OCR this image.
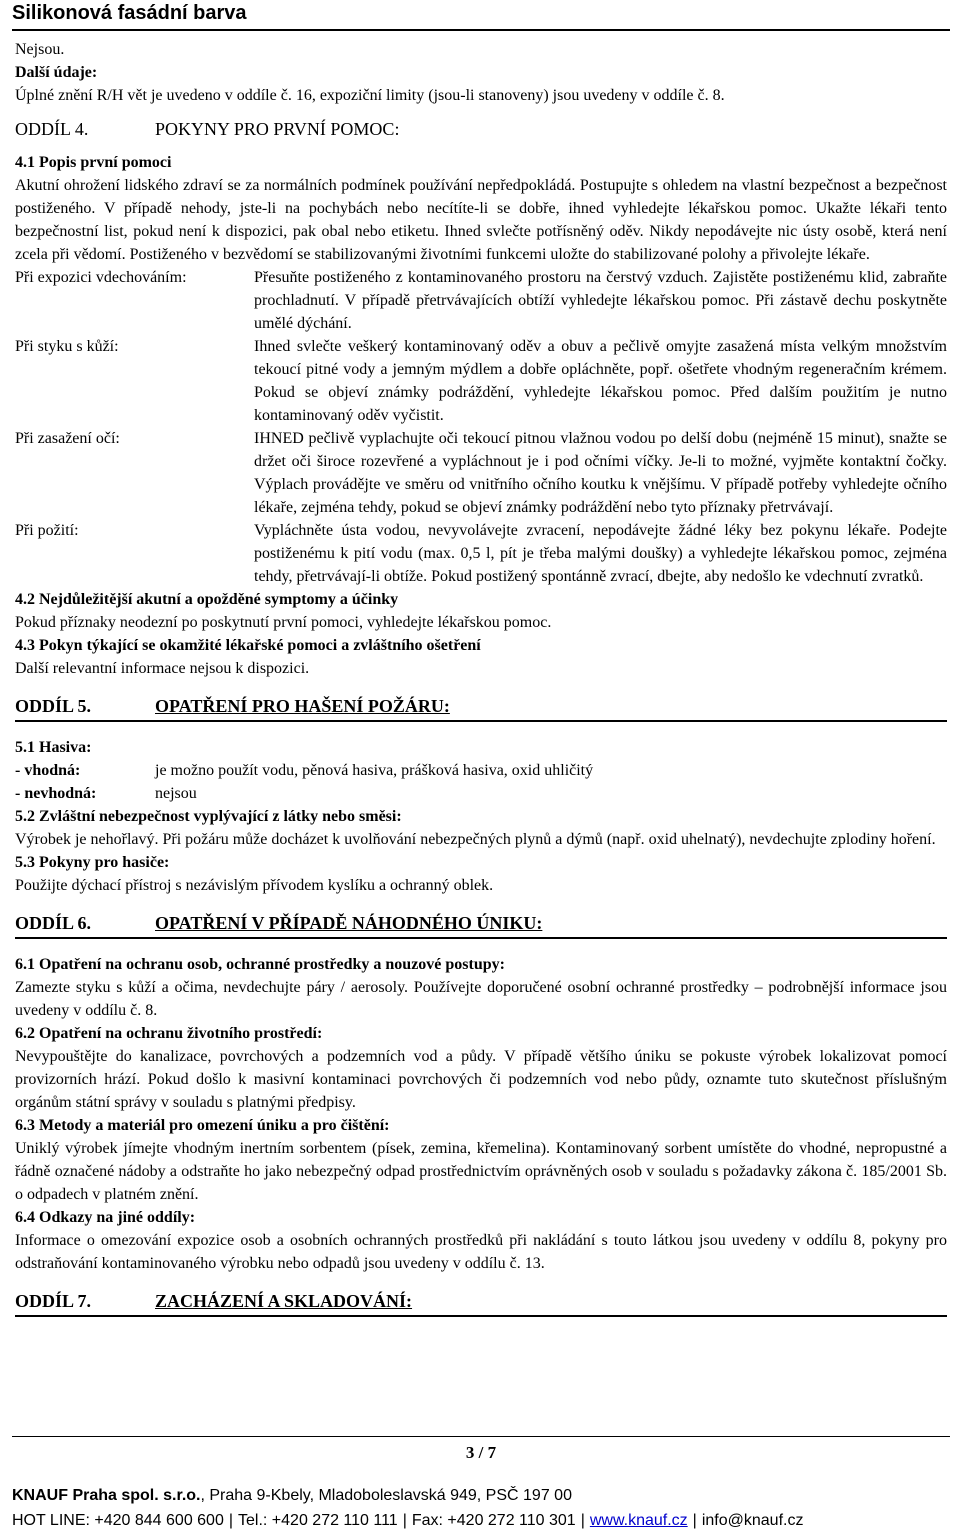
Silikonová fasádní barva

Nejsou.

Další údaje:

Úplné znění R/H vět je uvedeno v oddíle č. 16, expoziční limity (jsou-li stanoveny) jsou uvedeny v oddíle č. 8.

ODDÍL 4.	POKYNY PRO PRVNÍ POMOC:

4.1 Popis první pomoci

Akutní ohrožení lidského zdraví se za normálních podmínek používání nepředpokládá. Postupujte s ohledem na vlastní bezpečnost a bezpečnost postiženého. V případě nehody, jste-li na pochybách nebo necítíte-li se dobře, ihned vyhledejte lékařskou pomoc. Ukažte lékaři tento bezpečnostní list, pokud není k dispozici, pak obal nebo etiketu. Ihned svlečte potřísněný oděv. Nikdy nepodávejte nic ústy osobě, která není zcela při vědomí. Postiženého v bezvědomí se stabilizovanými životními funkcemi uložte do stabilizované polohy a přivolejte lékaře.

Při expozici vdechováním:	Přesuňte postiženého z kontaminovaného prostoru na čerstvý vzduch. Zajistěte postiženému klid, zabraňte prochladnutí. V případě přetrvávajících obtíží vyhledejte lékařskou pomoc. Při zástavě dechu poskytněte umělé dýchání.
Při styku s kůží:	Ihned svlečte veškerý kontaminovaný oděv a obuv a pečlivě omyjte zasažená místa velkým množstvím tekoucí pitné vody a jemným mýdlem a dobře opláchněte, popř. ošetřete vhodným regeneračním krémem. Pokud se objeví známky podráždění, vyhledejte lékařskou pomoc. Před dalším použitím je nutno kontaminovaný oděv vyčistit.
Při zasažení očí:	IHNED pečlivě vyplachujte oči tekoucí pitnou vlažnou vodou po delší dobu (nejméně 15 minut), snažte se držet oči široce rozevřené a vypláchnout je i pod očními víčky. Je-li to možné, vyjměte kontaktní čočky. Výplach provádějte ve směru od vnitřního očního koutku k vnějšímu. V případě potřeby vyhledejte očního lékaře, zejména tehdy, pokud se objeví známky podráždění nebo tyto příznaky přetrvávají.
Při požití:	Vypláchněte ústa vodou, nevyvolávejte zvracení, nepodávejte žádné léky bez pokynu lékaře. Podejte postiženému k pití vodu (max. 0,5 l, pít je třeba malými doušky) a vyhledejte lékařskou pomoc, zejména tehdy, přetrvávají-li obtíže. Pokud postižený spontánně zvrací, dbejte, aby nedošlo ke vdechnutí zvratků.

4.2 Nejdůležitější akutní a opožděné symptomy a účinky

Pokud příznaky neodezní po poskytnutí první pomoci, vyhledejte lékařskou pomoc.

4.3 Pokyn týkající se okamžité lékařské pomoci a zvláštního ošetření

Další relevantní informace nejsou k dispozici.

ODDÍL 5.	OPATŘENÍ PRO HAŠENÍ POŽÁRU:

5.1 Hasiva:

- vhodná:	je možno použít vodu, pěnová hasiva, prášková hasiva, oxid uhličitý
- nevhodná:	nejsou

5.2 Zvláštní nebezpečnost vyplývající z látky nebo směsi:

Výrobek je nehořlavý. Při požáru může docházet k uvolňování nebezpečných plynů a dýmů (např. oxid uhelnatý), nevdechujte zplodiny hoření.

5.3 Pokyny pro hasiče:

Použijte dýchací přístroj s nezávislým přívodem kyslíku a ochranný oblek.

ODDÍL 6.	OPATŘENÍ V PŘÍPADĚ NÁHODNÉHO ÚNIKU:

6.1 Opatření na ochranu osob, ochranné prostředky a nouzové postupy:

Zamezte styku s kůží a očima, nevdechujte páry / aerosoly. Používejte doporučené osobní ochranné prostředky – podrobnější informace jsou uvedeny v oddílu č. 8.

6.2 Opatření na ochranu životního prostředí:

Nevypouštějte do kanalizace, povrchových a podzemních vod a půdy. V případě většího úniku se pokuste výrobek lokalizovat pomocí provizorních hrází. Pokud došlo k masivní kontaminaci povrchových či podzemních vod nebo půdy, oznamte tuto skutečnost příslušným orgánům státní správy v souladu s platnými předpisy.

6.3 Metody a materiál pro omezení úniku a pro čištění:

Uniklý výrobek jímejte vhodným inertním sorbentem (písek, zemina, křemelina). Kontaminovaný sorbent umístěte do vhodné, nepropustné a řádně označené nádoby a odstraňte ho jako nebezpečný odpad prostřednictvím oprávněných osob v souladu s požadavky zákona č. 185/2001 Sb. o odpadech v platném znění.

6.4 Odkazy na jiné oddíly:

Informace o omezování expozice osob a osobních ochranných prostředků při nakládání s touto látkou jsou uvedeny v oddílu 8, pokyny pro odstraňování kontaminovaného výrobku nebo odpadů jsou uvedeny v oddílu č. 13.

ODDÍL 7.	ZACHÁZENÍ A SKLADOVÁNÍ:
3 / 7
KNAUF Praha spol. s.r.o., Praha 9-Kbely, Mladoboleslavská 949, PSČ 197 00
HOT LINE: +420 844 600 600 | Tel.: +420 272 110 111 | Fax: +420 272 110 301 | www.knauf.cz | info@knauf.cz
